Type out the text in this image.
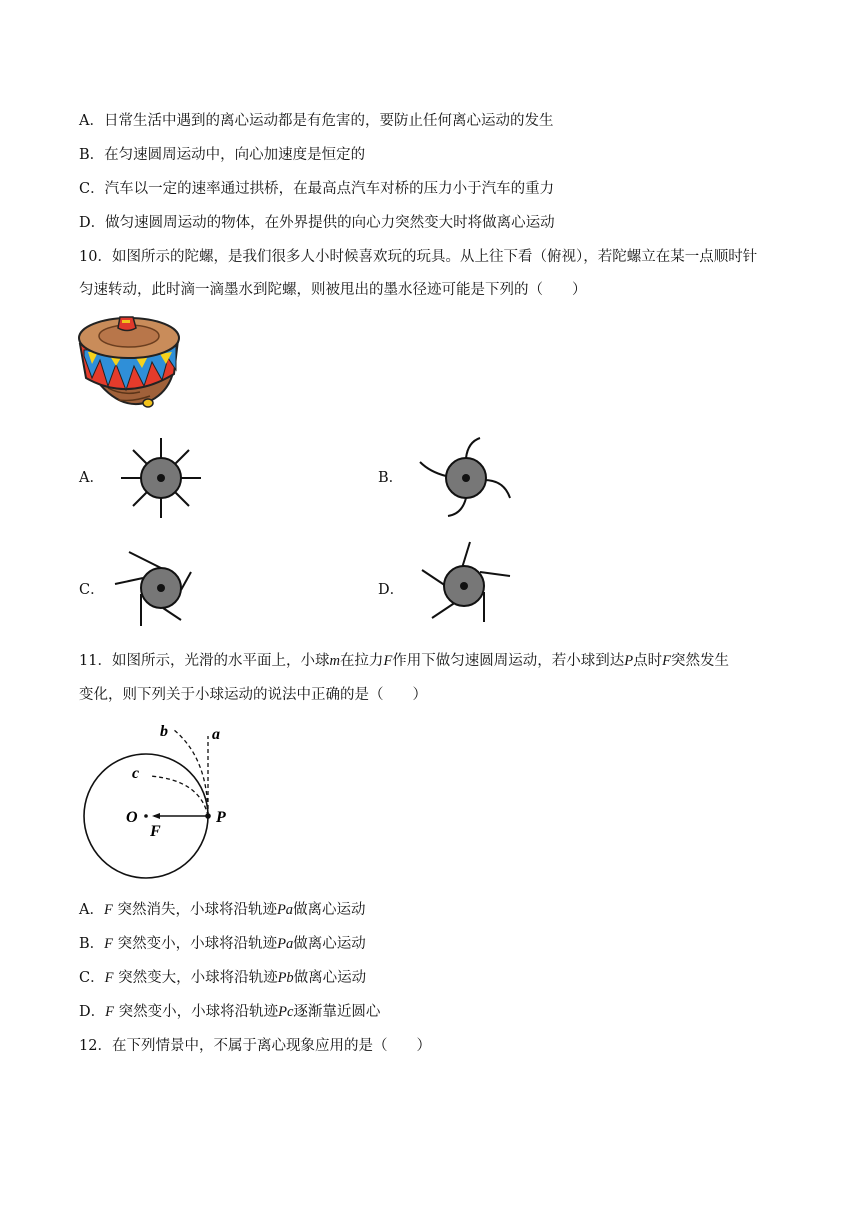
A．日常生活中遇到的离心运动都是有危害的，要防止任何离心运动的发生
B．在匀速圆周运动中，向心加速度是恒定的
C．汽车以一定的速率通过拱桥，在最高点汽车对桥的压力小于汽车的重力
D．做匀速圆周运动的物体，在外界提供的向心力突然变大时将做离心运动
10．如图所示的陀螺，是我们很多人小时候喜欢玩的玩具。从上往下看（俯视），若陀螺立在某一点顺时针
匀速转动，此时滴一滴墨水到陀螺，则被甩出的墨水径迹可能是下列的（　　）
A．	B．
C．	D．
11．如图所示，光滑的水平面上，小球m在拉力F作用下做匀速圆周运动，若小球到达P点时F突然发生
变化，则下列关于小球运动的说法中正确的是（　　）
a
b
c
O
F
P
A．F 突然消失，小球将沿轨迹Pa做离心运动
B．F 突然变小，小球将沿轨迹Pa做离心运动
C．F 突然变大，小球将沿轨迹Pb做离心运动
D．F 突然变小，小球将沿轨迹Pc逐渐靠近圆心
12．在下列情景中，不属于离心现象应用的是（　　）
